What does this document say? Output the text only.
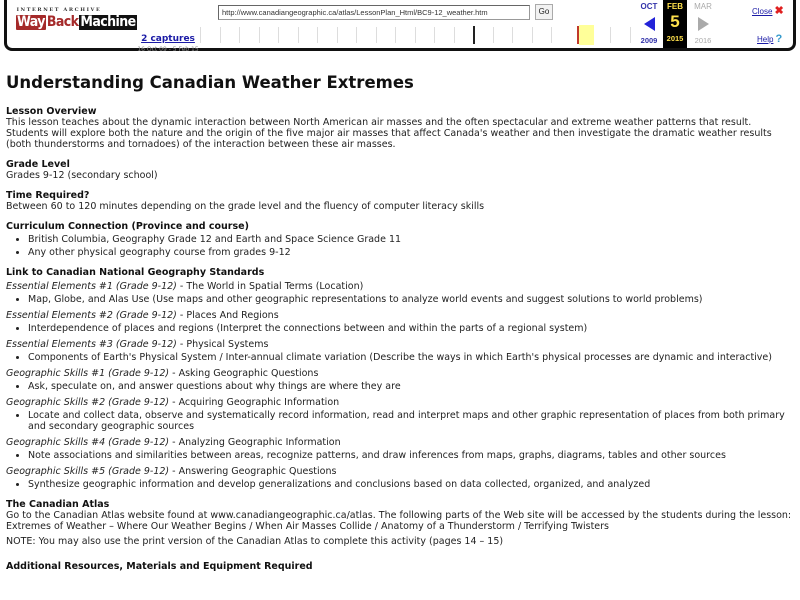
INTERNET ARCHIVE
Way Back Machine
2 captures
16 Oct 09 - 5 Feb 15
http://www.canadiangeographic.ca/atlas/LessonPlan_Html/BC9-12_weather.htm	Go
OCT
2009
FEB
5
2015
MAR
2016
Close ✖
Help ?
Understanding Canadian Weather Extremes
Lesson Overview

This lesson teaches about the dynamic interaction between North American air masses and the often spectacular and extreme weather patterns that result. Students will explore both the nature and the origin of the five major air masses that affect Canada's weather and then investigate the dramatic weather results (both thunderstorms and tornadoes) of the interaction between these air masses.

Grade Level

Grades 9-12 (secondary school)

Time Required?

Between 60 to 120 minutes depending on the grade level and the fluency of computer literacy skills

Curriculum Connection (Province and course)
• British Columbia, Geography Grade 12 and Earth and Space Science Grade 11
• Any other physical geography course from grades 9-12
Link to Canadian National Geography Standards
Essential Elements #1 (Grade 9-12) - The World in Spatial Terms (Location)
• Map, Globe, and Alas Use (Use maps and other geographic representations to analyze world events and suggest solutions to world problems)
Essential Elements #2 (Grade 9-12) - Places And Regions
• Interdependence of places and regions (Interpret the connections between and within the parts of a regional system)
Essential Elements #3 (Grade 9-12) - Physical Systems
• Components of Earth's Physical System / Inter-annual climate variation (Describe the ways in which Earth's physical processes are dynamic and interactive)
Geographic Skills #1 (Grade 9-12) - Asking Geographic Questions
• Ask, speculate on, and answer questions about why things are where they are
Geographic Skills #2 (Grade 9-12) - Acquiring Geographic Information
• Locate and collect data, observe and systematically record information, read and interpret maps and other graphic representation of places from both primary and secondary geographic sources
Geographic Skills #4 (Grade 9-12) - Analyzing Geographic Information
• Note associations and similarities between areas, recognize patterns, and draw inferences from maps, graphs, diagrams, tables and other sources
Geographic Skills #5 (Grade 9-12) - Answering Geographic Questions
• Synthesize geographic information and develop generalizations and conclusions based on data collected, organized, and analyzed
The Canadian Atlas

Go to the Canadian Atlas website found at www.canadiangeographic.ca/atlas. The following parts of the Web site will be accessed by the students during the lesson: Extremes of Weather – Where Our Weather Begins / When Air Masses Collide / Anatomy of a Thunderstorm / Terrifying Twisters

NOTE: You may also use the print version of the Canadian Atlas to complete this activity (pages 14 – 15)

Additional Resources, Materials and Equipment Required
